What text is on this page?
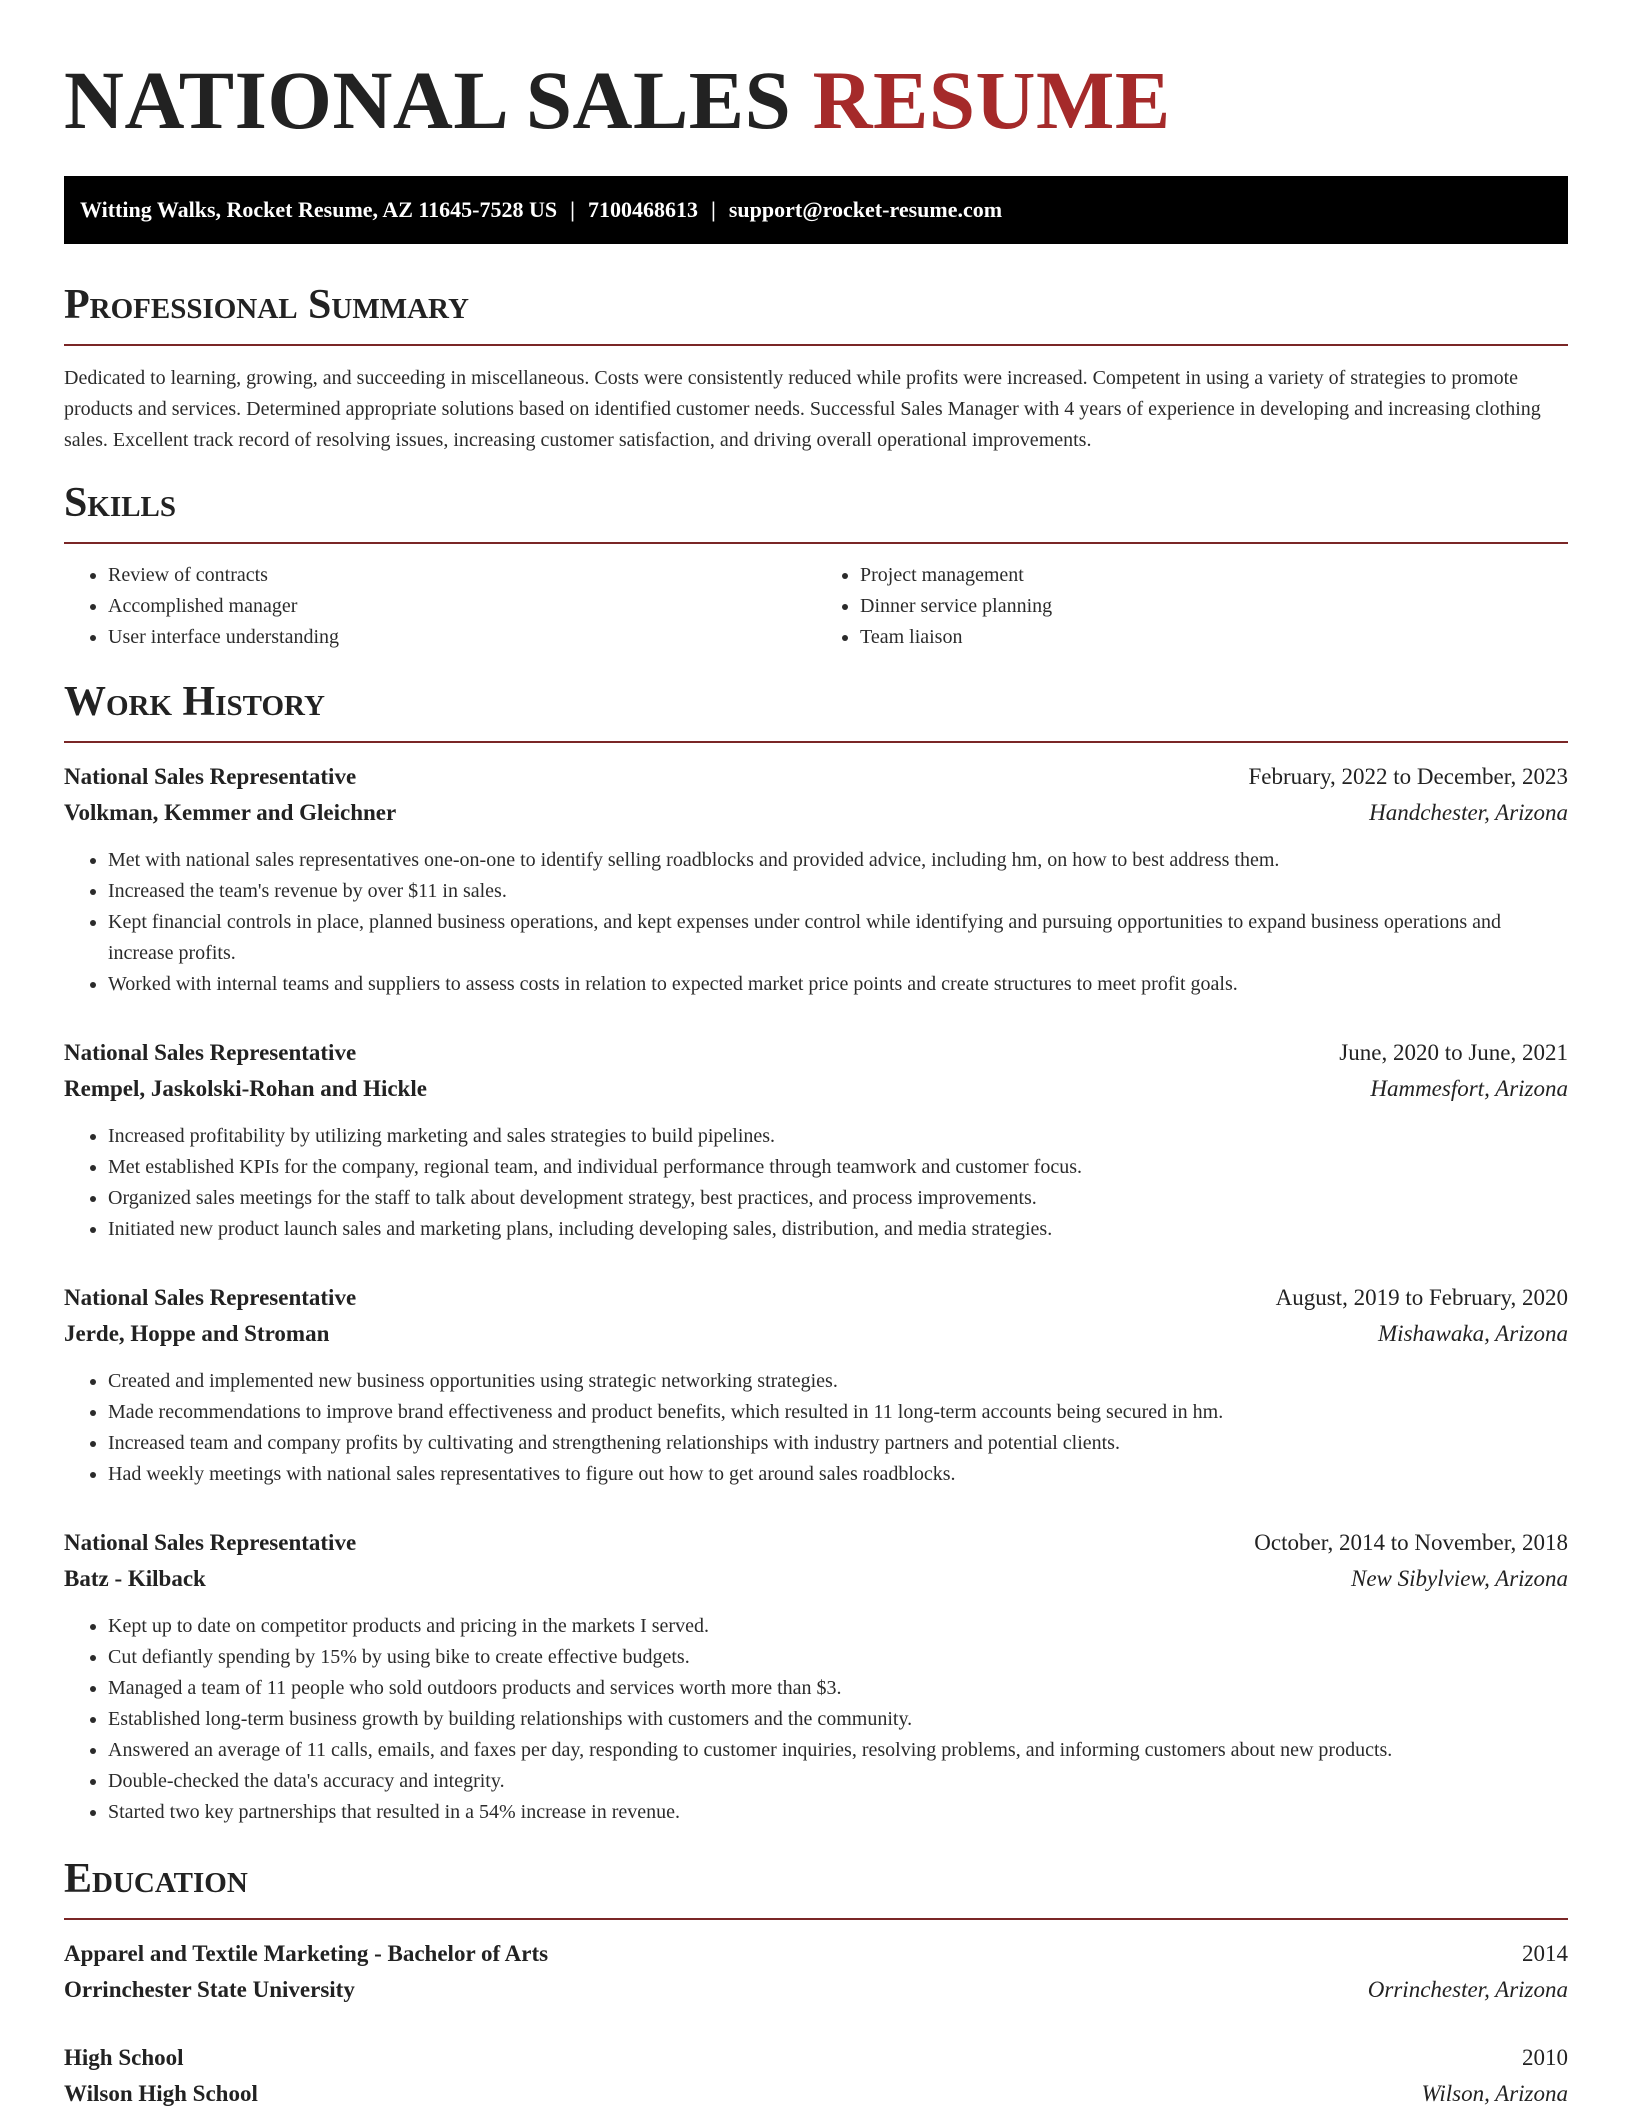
NATIONAL SALES RESUME
Witting Walks, Rocket Resume, AZ 11645-7528 US | 7100468613 | support@rocket-resume.com
Professional Summary
Dedicated to learning, growing, and succeeding in miscellaneous. Costs were consistently reduced while profits were increased. Competent in using a variety of strategies to promote products and services. Determined appropriate solutions based on identified customer needs. Successful Sales Manager with 4 years of experience in developing and increasing clothing sales. Excellent track record of resolving issues, increasing customer satisfaction, and driving overall operational improvements.
Skills
• Review of contracts
• Accomplished manager
• User interface understanding
• Project management
• Dinner service planning
• Team liaison
Work History
National Sales Representative	February, 2022 to December, 2023
Volkman, Kemmer and Gleichner	Handchester, Arizona
• Met with national sales representatives one-on-one to identify selling roadblocks and provided advice, including hm, on how to best address them.
• Increased the team's revenue by over $11 in sales.
• Kept financial controls in place, planned business operations, and kept expenses under control while identifying and pursuing opportunities to expand business operations and increase profits.
• Worked with internal teams and suppliers to assess costs in relation to expected market price points and create structures to meet profit goals.
National Sales Representative	June, 2020 to June, 2021
Rempel, Jaskolski-Rohan and Hickle	Hammesfort, Arizona
• Increased profitability by utilizing marketing and sales strategies to build pipelines.
• Met established KPIs for the company, regional team, and individual performance through teamwork and customer focus.
• Organized sales meetings for the staff to talk about development strategy, best practices, and process improvements.
• Initiated new product launch sales and marketing plans, including developing sales, distribution, and media strategies.
National Sales Representative	August, 2019 to February, 2020
Jerde, Hoppe and Stroman	Mishawaka, Arizona
• Created and implemented new business opportunities using strategic networking strategies.
• Made recommendations to improve brand effectiveness and product benefits, which resulted in 11 long-term accounts being secured in hm.
• Increased team and company profits by cultivating and strengthening relationships with industry partners and potential clients.
• Had weekly meetings with national sales representatives to figure out how to get around sales roadblocks.
National Sales Representative	October, 2014 to November, 2018
Batz - Kilback	New Sibylview, Arizona
• Kept up to date on competitor products and pricing in the markets I served.
• Cut defiantly spending by 15% by using bike to create effective budgets.
• Managed a team of 11 people who sold outdoors products and services worth more than $3.
• Established long-term business growth by building relationships with customers and the community.
• Answered an average of 11 calls, emails, and faxes per day, responding to customer inquiries, resolving problems, and informing customers about new products.
• Double-checked the data's accuracy and integrity.
• Started two key partnerships that resulted in a 54% increase in revenue.
Education
Apparel and Textile Marketing - Bachelor of Arts	2014
Orrinchester State University	Orrinchester, Arizona
High School	2010
Wilson High School	Wilson, Arizona
